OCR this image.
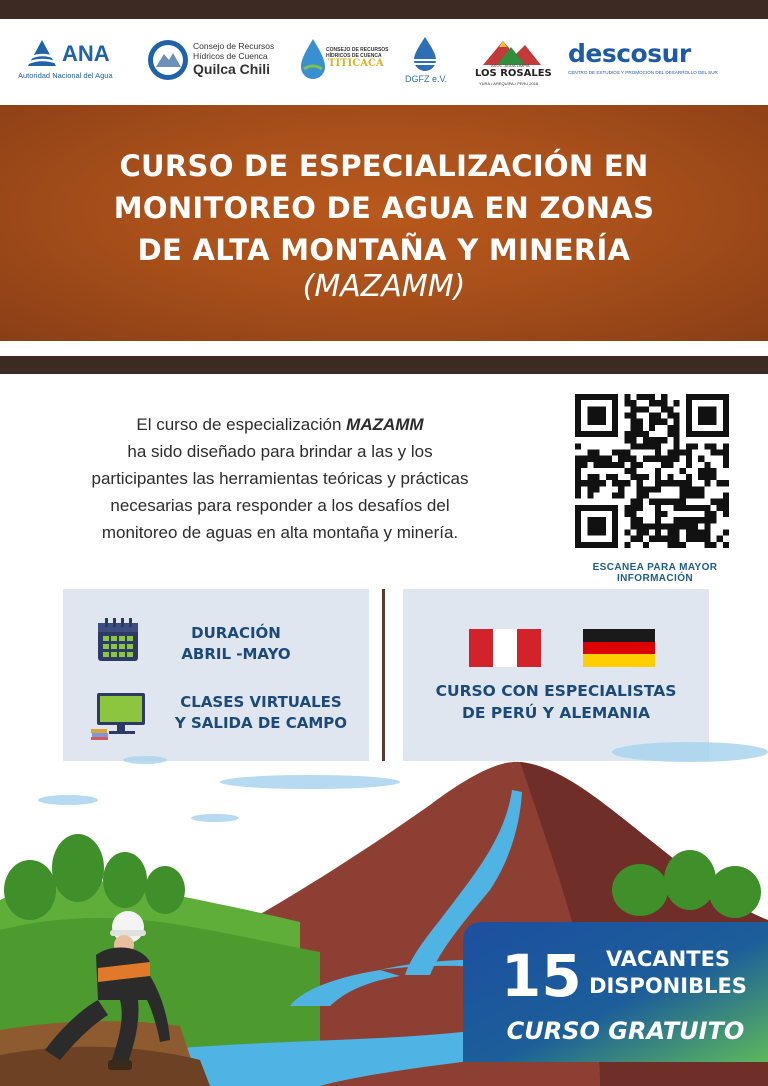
ANA
Autoridad Nacional del Agua
Consejo de Recursos
Hídricos de Cuenca
Quilca Chili
CONSEJO DE RECURSOS
HÍDRICOS DE CUENCA
TITICACA
DGFZ e.V.
ASOC. AGUA LIMPIA
LOS ROSALES
YURA • AREQUIPA • PERU 2016
descosur
CENTRO DE ESTUDIOS Y PROMOCIÓN DEL DESARROLLO DEL SUR
CURSO DE ESPECIALIZACIÓN EN
MONITOREO DE AGUA EN ZONAS
DE ALTA MONTAÑA Y MINERÍA
(MAZAMM)
El curso de especialización MAZAMM
ha sido diseñado para brindar a las y los
participantes las herramientas teóricas y prácticas
necesarias para responder a los desafíos del
monitoreo de aguas en alta montaña y minería.
ESCANEA PARA MAYOR INFORMACIÓN
DURACIÓN
ABRIL -MAYO
CLASES VIRTUALES
Y SALIDA DE CAMPO
CURSO CON ESPECIALISTAS
DE PERÚ Y ALEMANIA
15	VACANTES
DISPONIBLES
CURSO GRATUITO
